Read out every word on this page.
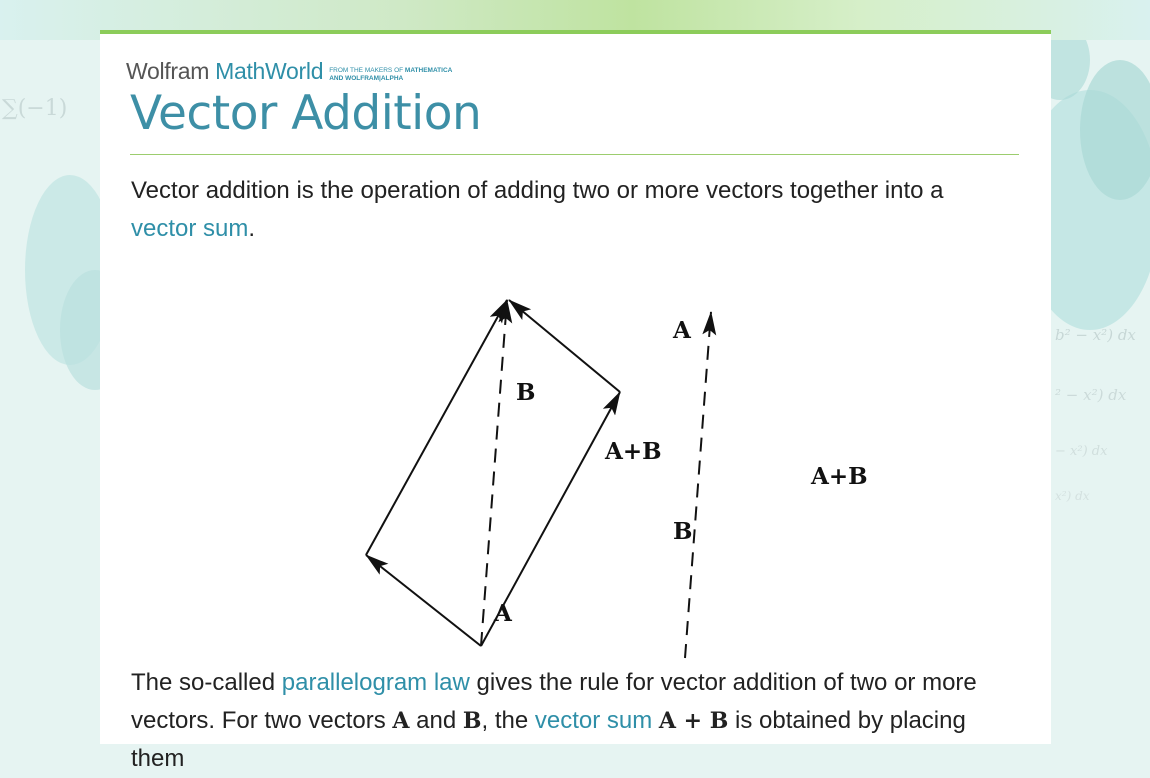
∑(−1)
b² − x²) dx
² − x²) dx
− x²) dx
x²) dx
Wolfram MathWorld FROM THE MAKERS OF MATHEMATICA
AND WOLFRAM|ALPHA
Vector Addition

Vector addition is the operation of adding two or more vectors together into a vector sum.

A
B
A+B
B
A
A+B

The so-called parallelogram law gives the rule for vector addition of two or more vectors. For two vectors A and B, the vector sum A + B is obtained by placing them
